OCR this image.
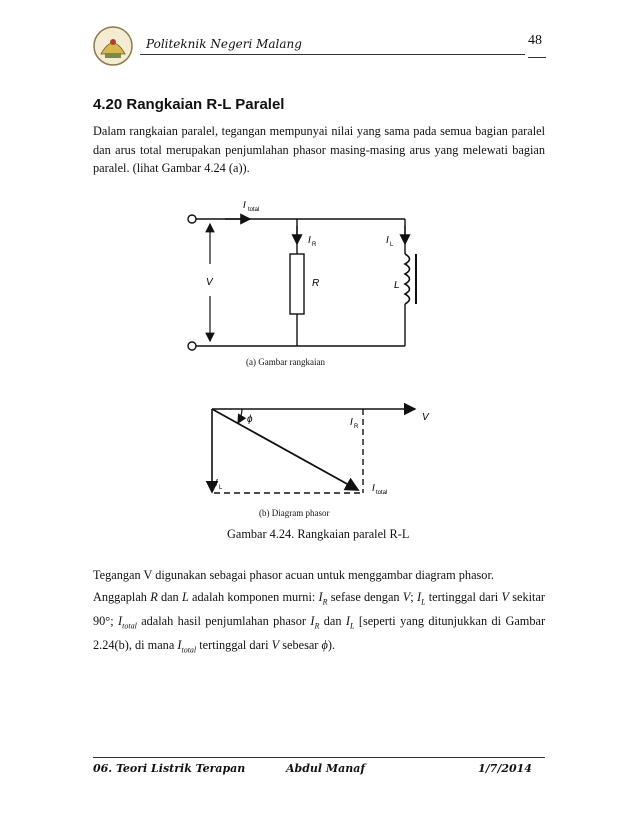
Politeknik Negeri Malang	48
4.20 Rangkaian R-L Paralel
Dalam rangkaian paralel, tegangan mempunyai nilai yang sama pada semua bagian paralel dan arus total merupakan penjumlahan phasor masing-masing arus yang melewati bagian paralel. (lihat Gambar 4.24 (a)).
I total
I R	I L
V	R	L
(a) Gambar rangkaian
ϕ	I R
V
I L	I total
(b) Diagram phasor
Gambar 4.24. Rangkaian paralel R-L
Tegangan V digunakan sebagai phasor acuan untuk menggambar diagram phasor.
Anggaplah R dan L adalah komponen murni: $I_R$ sefase dengan V; $I_L$ tertinggal dari V sekitar 90°; $I_{total}$ adalah hasil penjumlahan phasor $I_R$ dan $I_L$ [seperti yang ditunjukkan di Gambar 2.24(b), di mana $I_{total}$ tertinggal dari V sebesar ϕ).
06. Teori Listrik Terapan	Abdul Manaf	1/7/2014
